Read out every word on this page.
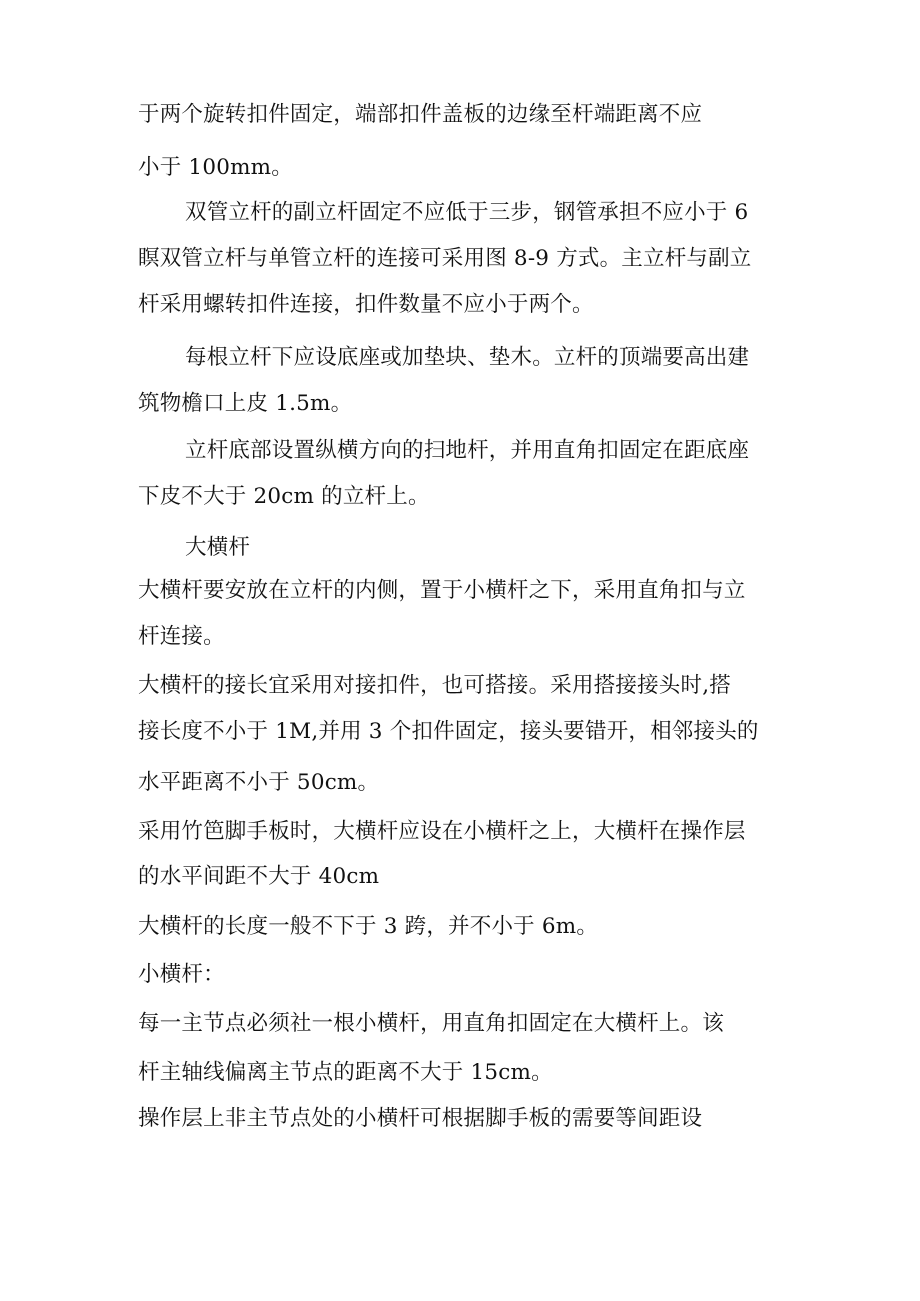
于两个旋转扣件固定，端部扣件盖板的边缘至杆端距离不应
小于 100mm。
双管立杆的副立杆固定不应低于三步，钢管承担不应小于 6
瞑双管立杆与单管立杆的连接可采用图 8-9 方式。主立杆与副立
杆采用螺转扣件连接，扣件数量不应小于两个。
每根立杆下应设底座或加垫块、垫木。立杆的顶端要高出建
筑物檐口上皮 1.5m。
立杆底部设置纵横方向的扫地杆，并用直角扣固定在距底座
下皮不大于 20cm 的立杆上。
大横杆
大横杆要安放在立杆的内侧，置于小横杆之下，采用直角扣与立
杆连接。
大横杆的接长宜采用对接扣件，也可搭接。采用搭接接头时,搭
接长度不小于 1M,并用 3 个扣件固定，接头要错开，相邻接头的
水平距离不小于 50cm。
采用竹笆脚手板时，大横杆应设在小横杆之上，大横杆在操作层
的水平间距不大于 40cm
大横杆的长度一般不下于 3 跨，并不小于 6m。
小横杆：
每一主节点必须社一根小横杆，用直角扣固定在大横杆上。该
杆主轴线偏离主节点的距离不大于 15cm。
操作层上非主节点处的小横杆可根据脚手板的需要等间距设
